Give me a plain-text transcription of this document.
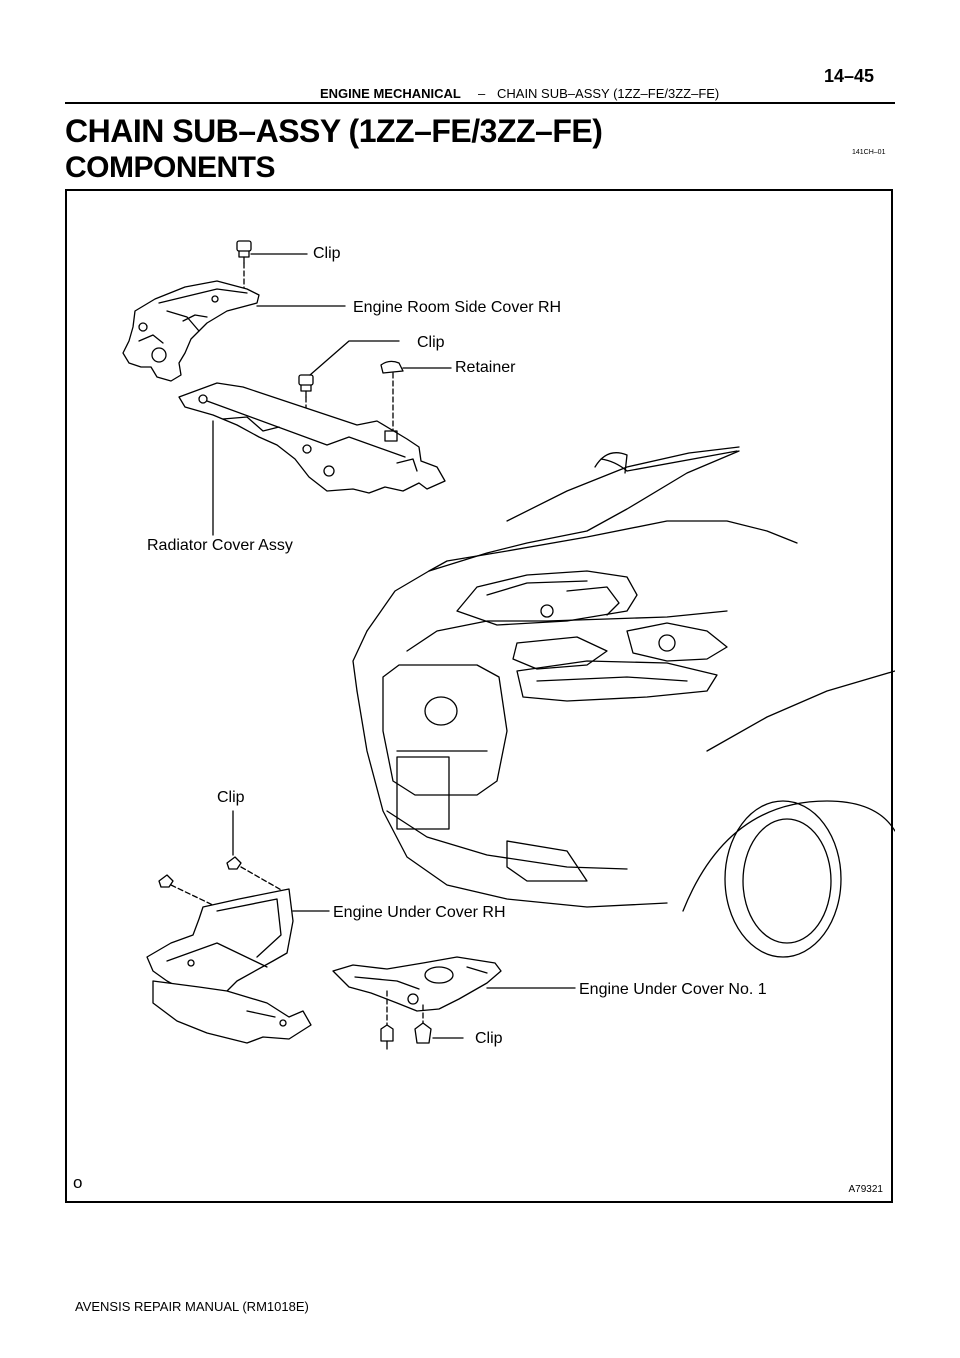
ENGINE MECHANICAL – CHAIN SUB–ASSY (1ZZ–FE/3ZZ–FE)
14–45
CHAIN SUB–ASSY (1ZZ–FE/3ZZ–FE)
COMPONENTS	141CH–01
Clip
Engine Room Side Cover RH
Clip
Retainer
Radiator Cover Assy
Clip
Engine Under Cover RH
Engine Under Cover No. 1
Clip
o	A79321
AVENSIS REPAIR MANUAL (RM1018E)
